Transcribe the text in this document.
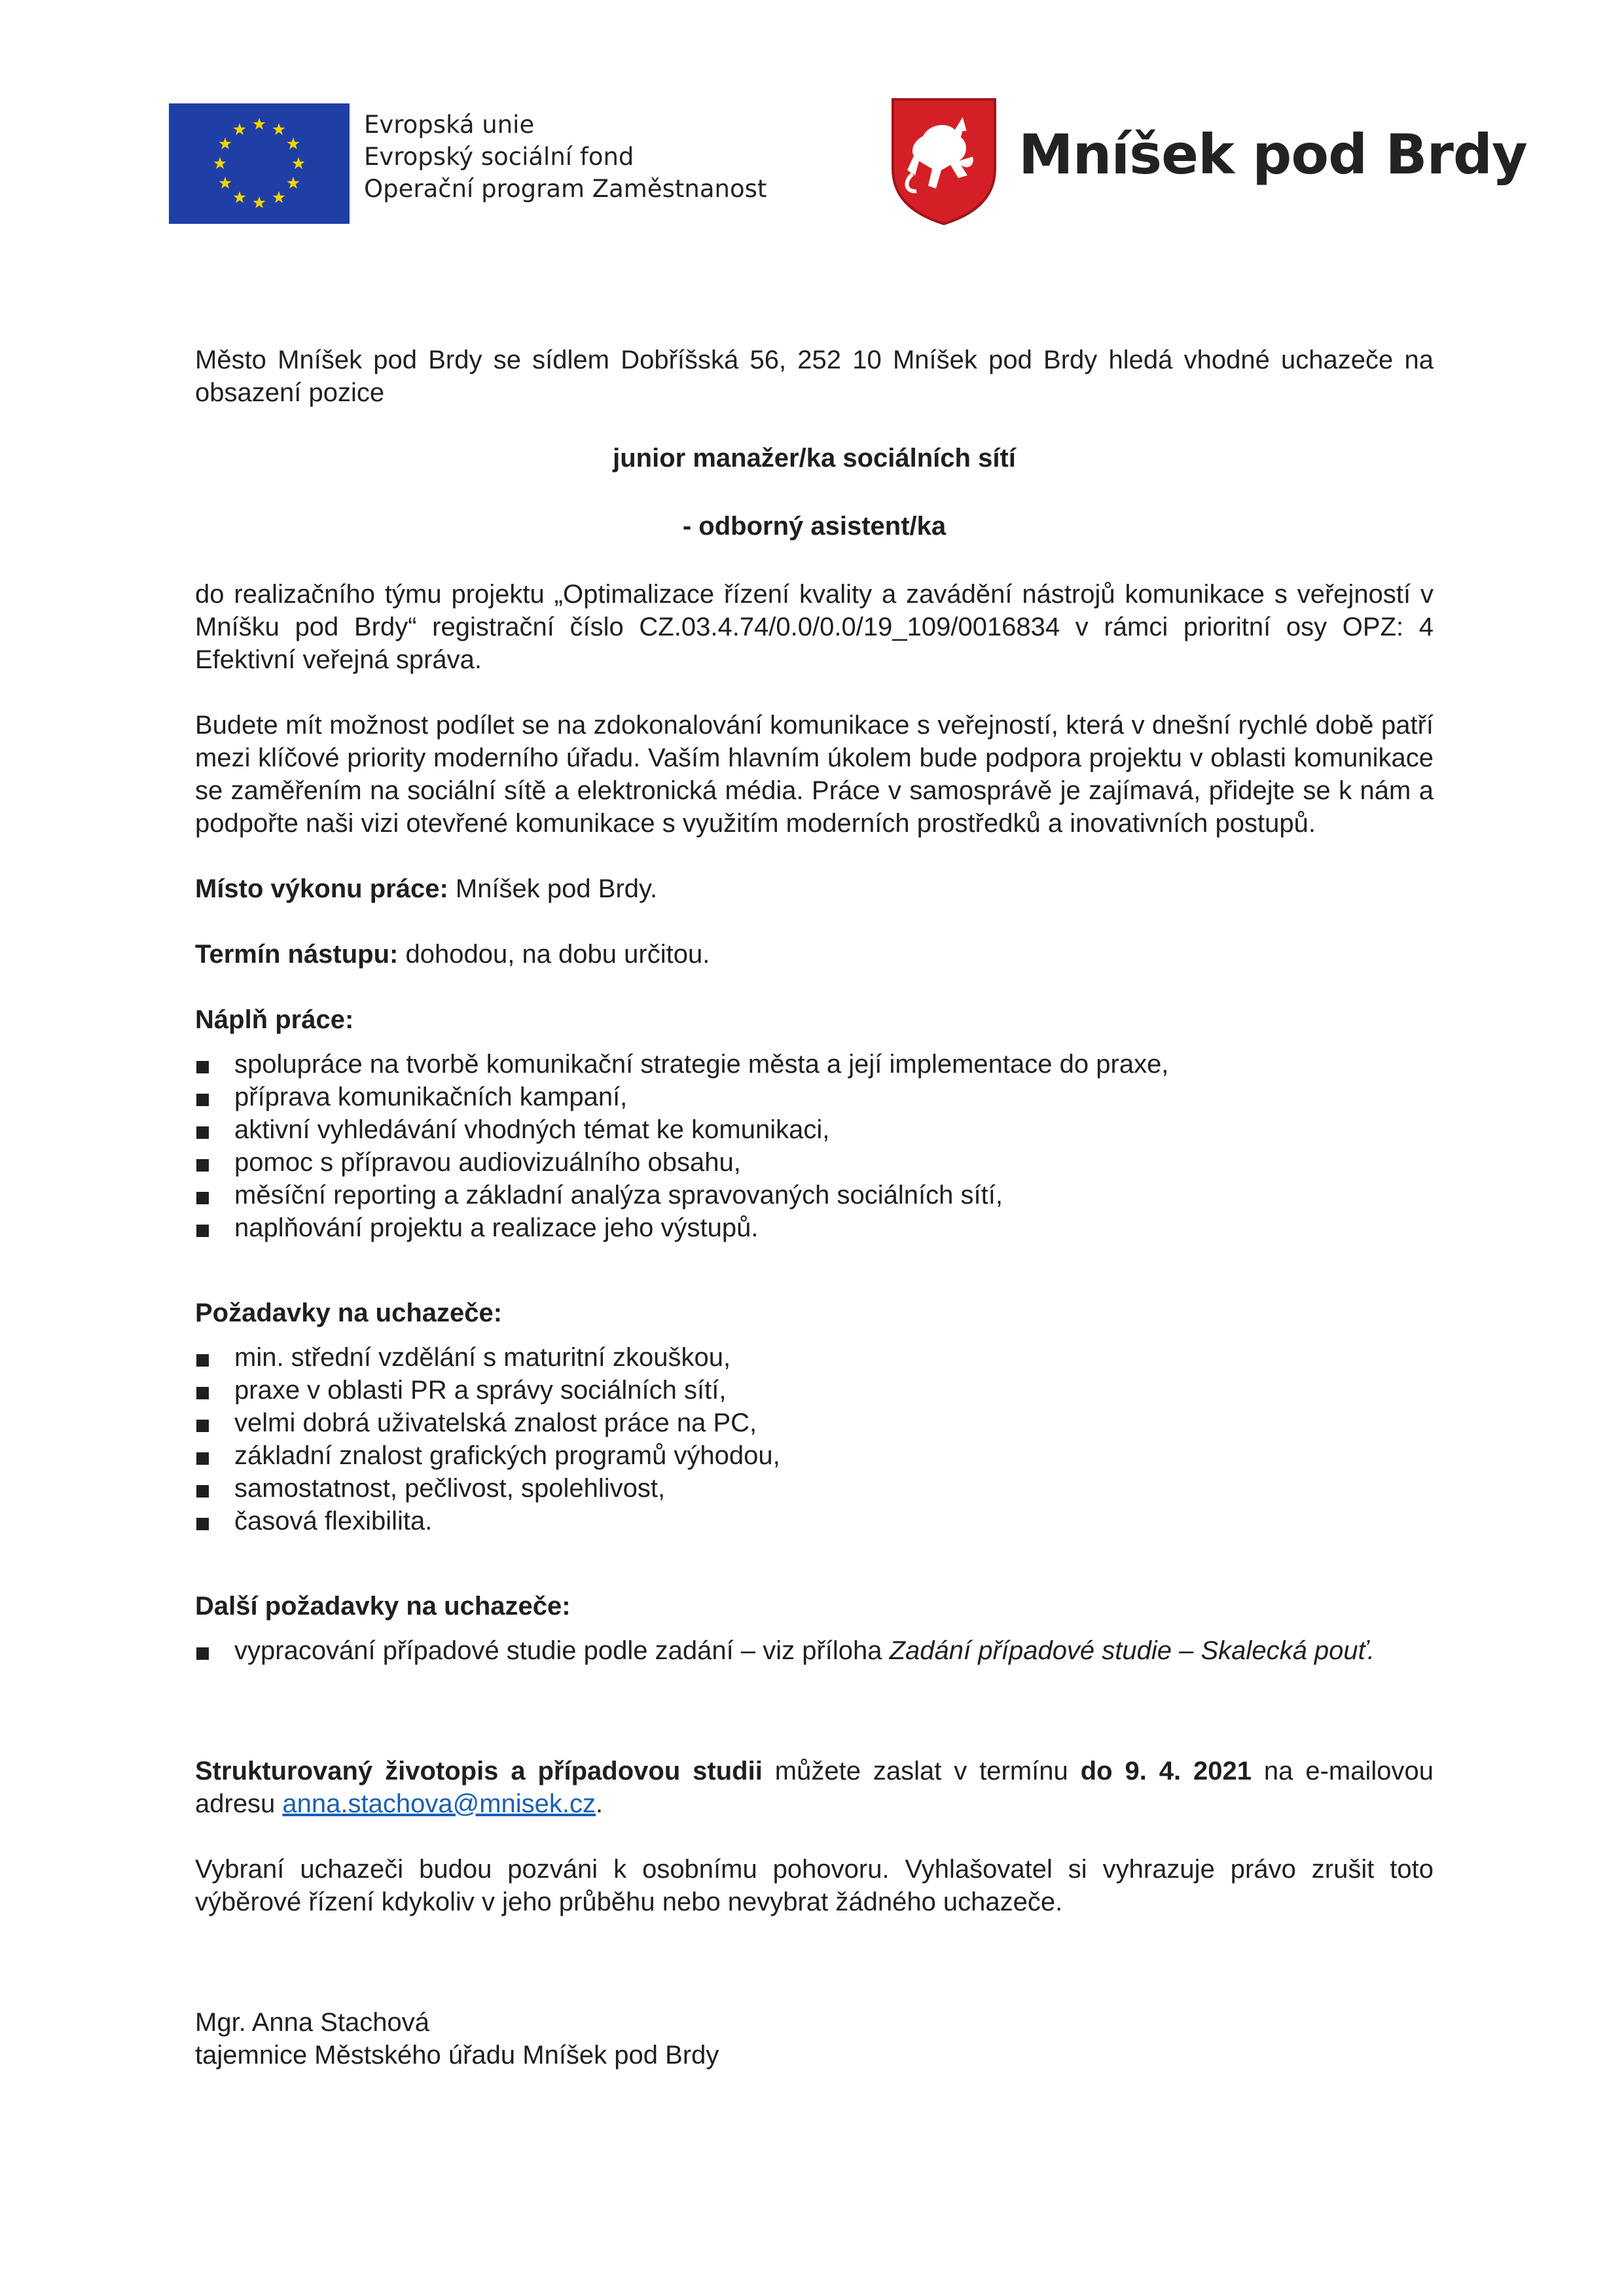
Evropská unie
Evropský sociální fond
Operační program Zaměstnanost
Mníšek pod Brdy

Město Mníšek pod Brdy se sídlem Dobříšská 56, 252 10 Mníšek pod Brdy hledá vhodné uchazeče na obsazení pozice

junior manažer/ka sociálních sítí

- odborný asistent/ka

do realizačního týmu projektu „Optimalizace řízení kvality a zavádění nástrojů komunikace s veřejností v Mníšku pod Brdy“ registrační číslo CZ.03.4.74/0.0/0.0/19_109/0016834 v rámci prioritní osy OPZ: 4 Efektivní veřejná správa.

Budete mít možnost podílet se na zdokonalování komunikace s veřejností, která v dnešní rychlé době patří mezi klíčové priority moderního úřadu. Vaším hlavním úkolem bude podpora projektu v oblasti komunikace se zaměřením na sociální sítě a elektronická média. Práce v samosprávě je zajímavá, přidejte se k nám a podpořte naši vizi otevřené komunikace s využitím moderních prostředků a inovativních postupů.

Místo výkonu práce: Mníšek pod Brdy.

Termín nástupu: dohodou, na dobu určitou.

Náplň práce:

spolupráce na tvorbě komunikační strategie města a její implementace do praxe,
příprava komunikačních kampaní,
aktivní vyhledávání vhodných témat ke komunikaci,
pomoc s přípravou audiovizuálního obsahu,
měsíční reporting a základní analýza spravovaných sociálních sítí,
naplňování projektu a realizace jeho výstupů.

Požadavky na uchazeče:

min. střední vzdělání s maturitní zkouškou,
praxe v oblasti PR a správy sociálních sítí,
velmi dobrá uživatelská znalost práce na PC,
základní znalost grafických programů výhodou,
samostatnost, pečlivost, spolehlivost,
časová flexibilita.

Další požadavky na uchazeče:

vypracování případové studie podle zadání – viz příloha Zadání případové studie – Skalecká pouť.

Strukturovaný životopis a případovou studii můžete zaslat v termínu do 9. 4. 2021 na e-mailovou adresu anna.stachova@mnisek.cz.

Vybraní uchazeči budou pozváni k osobnímu pohovoru. Vyhlašovatel si vyhrazuje právo zrušit toto výběrové řízení kdykoliv v jeho průběhu nebo nevybrat žádného uchazeče.

Mgr. Anna Stachová

tajemnice Městského úřadu Mníšek pod Brdy
